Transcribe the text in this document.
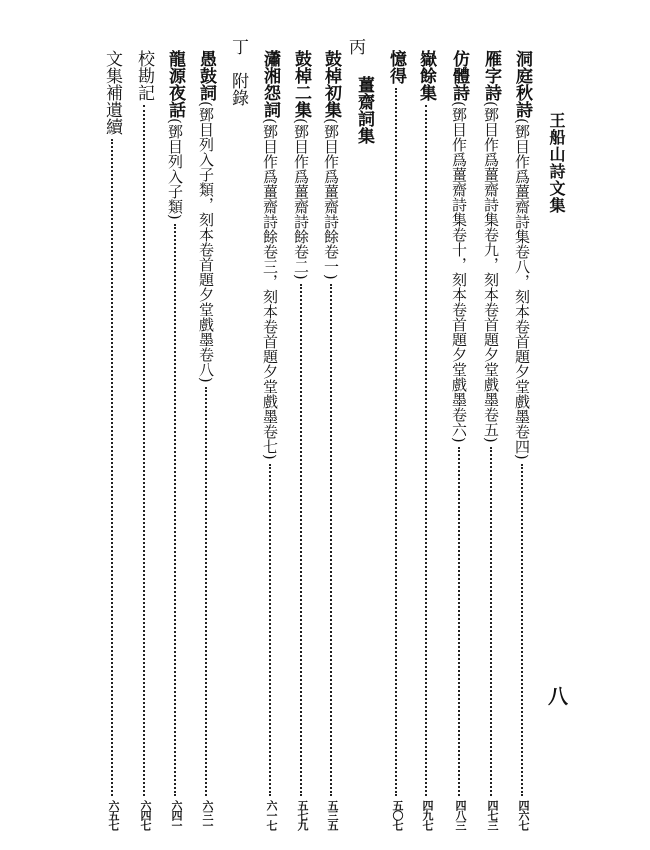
王船山詩文集
八
丙
薑齋詞集
丁
附錄	洞庭秋詩
(鄧目作爲薑齋詩集卷八，刻本卷首題夕堂戲墨卷四)
四六七
雁字詩
(鄧目作爲薑齋詩集卷九，刻本卷首題夕堂戲墨卷五)
四七三
仿體詩
(鄧目作爲薑齋詩集卷十，刻本卷首題夕堂戲墨卷六)
四八三
嶽餘集
四九七
憶得
五〇七
鼓棹初集
(鄧目作爲薑齋詩餘卷一)
五三五
鼓棹二集
(鄧目作爲薑齋詩餘卷二)
五七九
瀟湘怨詞
(鄧目作爲薑齋詩餘卷三，刻本卷首題夕堂戲墨卷七)
六一七
愚鼓詞
(鄧目列入子類，刻本卷首題夕堂戲墨卷八)
六三一
龍源夜話
(鄧目列入子類)
六四一
校勘記
六四七
文集補遺續
六五七
